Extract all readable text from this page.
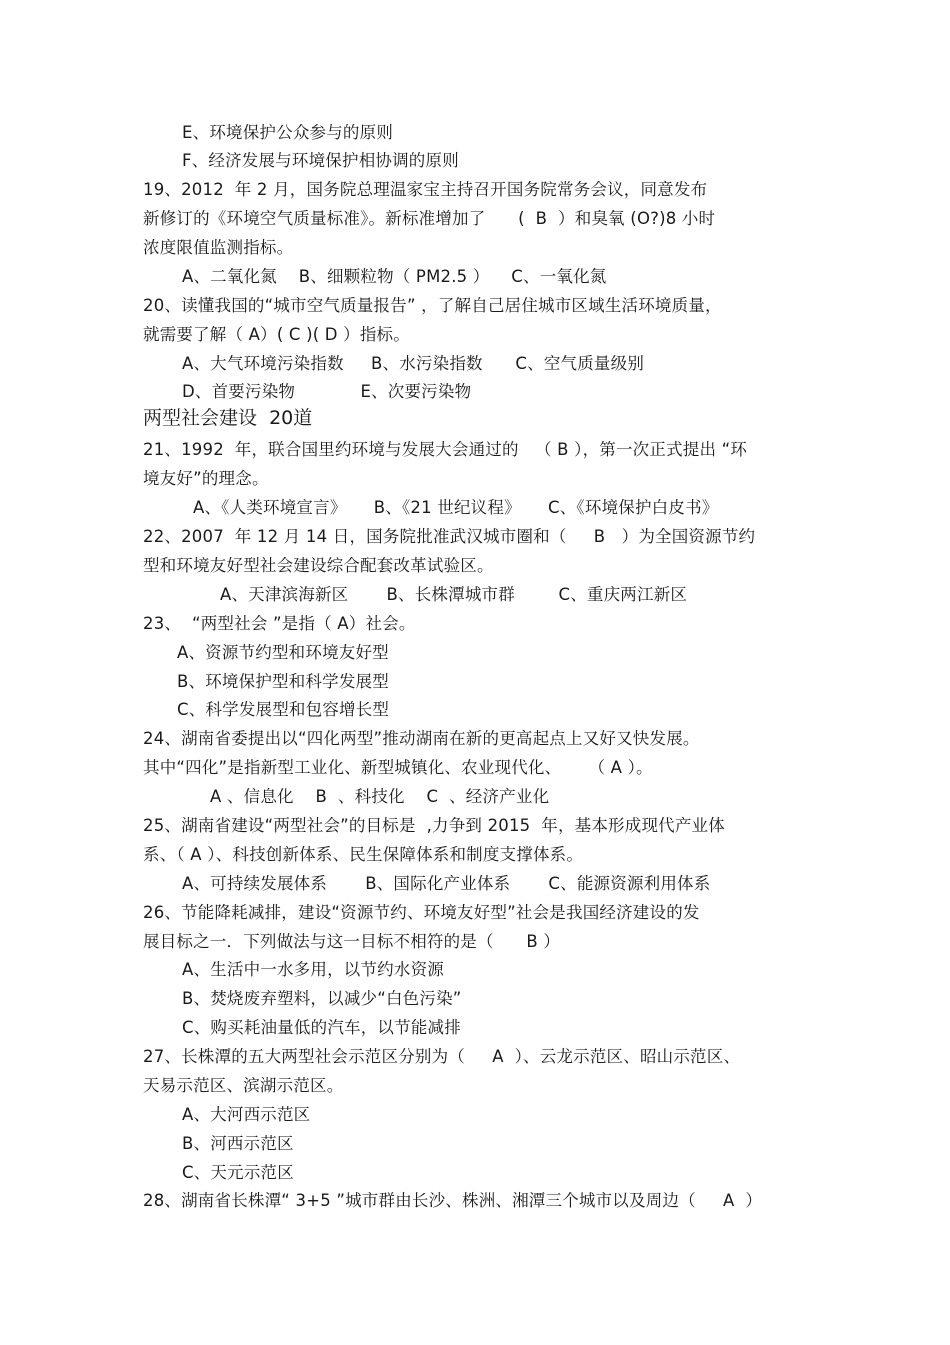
E、环境保护公众参与的原则
F、经济发展与环境保护相协调的原则
19、2012  年 2 月，国务院总理温家宝主持召开国务院常务会议，同意发布
新修订的《环境空气质量标准》。新标准增加了      (  B  ）和臭氧 (O?)8 小时
浓度限值监测指标。
A、二氧化氮    B、细颗粒物（ PM2.5 ）    C、一氧化氮
20、读懂我国的“城市空气质量报告” ，了解自己居住城市区域生活环境质量，
就需要了解（ A）( C )( D ）指标。
A、大气环境污染指数     B、水污染指数      C、空气质量级别
D、首要污染物            E、次要污染物
两型社会建设  20道
21、1992  年，联合国里约环境与发展大会通过的   （ B ），第一次正式提出 “环
境友好”的理念。
A、《人类环境宣言》     B、《21 世纪议程》     C、《环境保护白皮书》
22、2007  年 12 月 14 日，国务院批准武汉城市圈和（     B   ）为全国资源节约
型和环境友好型社会建设综合配套改革试验区。
A、天津滨海新区       B、长株潭城市群        C、重庆两江新区
23、  “两型社会 ”是指（ A）社会。
A、资源节约型和环境友好型
B、环境保护型和科学发展型
C、科学发展型和包容增长型
24、湖南省委提出以“四化两型”推动湖南在新的更高起点上又好又快发展。
其中“四化”是指新型工业化、新型城镇化、农业现代化、     （ A ）。
A 、信息化    B  、科技化    C  、经济产业化
25、湖南省建设“两型社会”的目标是  ,力争到 2015  年，基本形成现代产业体
系、（ A ）、科技创新体系、民生保障体系和制度支撑体系。
A、可持续发展体系       B、国际化产业体系       C、能源资源利用体系
26、节能降耗减排，建设“资源节约、环境友好型”社会是我国经济建设的发
展目标之一．下列做法与这一目标不相符的是（      B ）
A、生活中一水多用，以节约水资源
B、焚烧废弃塑料，以减少“白色污染”
C、购买耗油量低的汽车，以节能减排
27、长株潭的五大两型社会示范区分别为（     A  ）、云龙示范区、昭山示范区、
天易示范区、滨湖示范区。
A、大河西示范区
B、河西示范区
C、天元示范区
28、湖南省长株潭“ 3+5 ”城市群由长沙、株洲、湘潭三个城市以及周边（     A  ）
